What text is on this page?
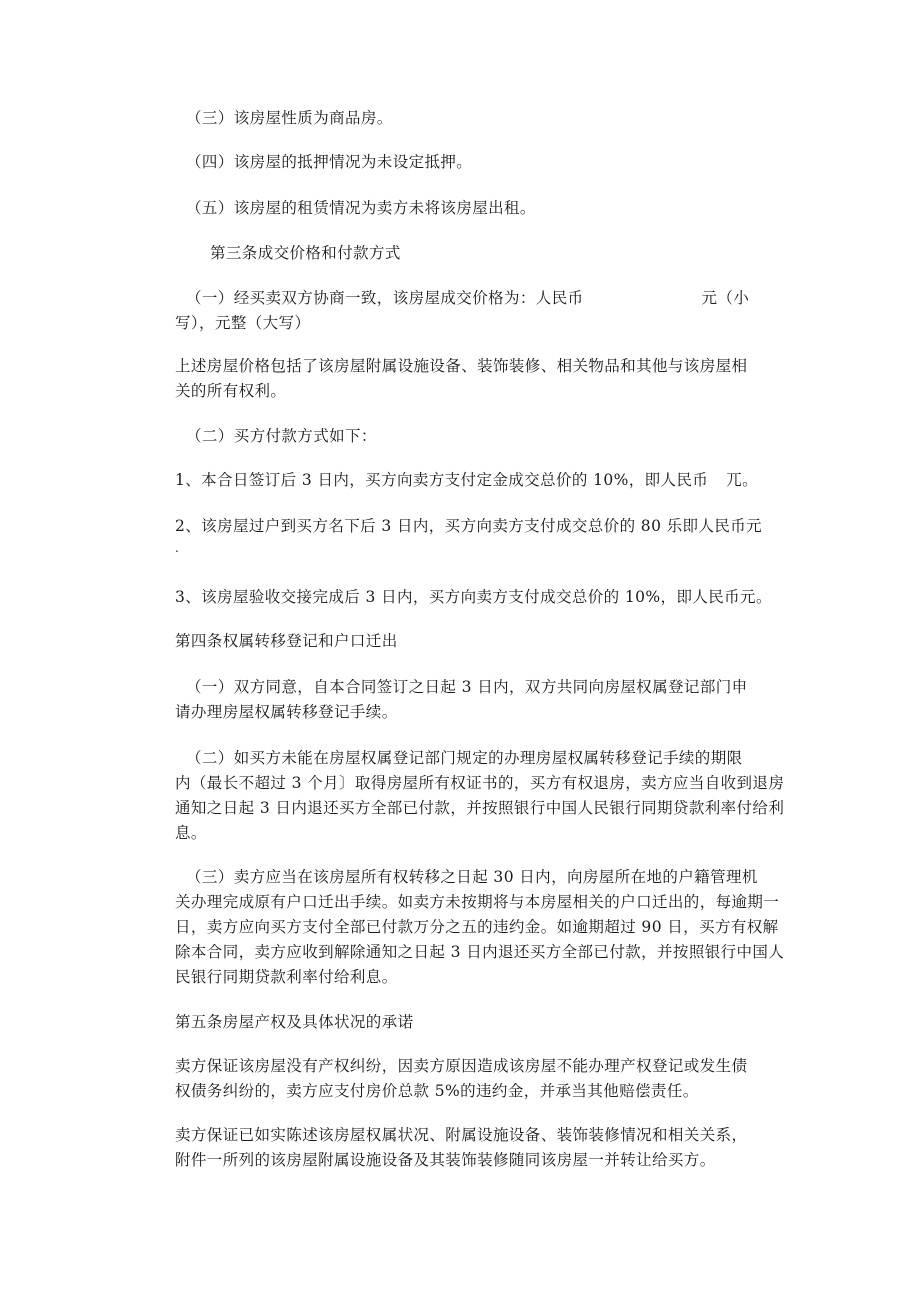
（三）该房屋性质为商品房。
（四）该房屋的抵押情况为未设定抵押。
（五）该房屋的租赁情况为卖方未将该房屋出租。
第三条成交价格和付款方式
（一）经买卖双方协商一致，该房屋成交价格为：人民币	元（小
写），元整（大写）
上述房屋价格包括了该房屋附属设施设备、装饰装修、相关物品和其他与该房屋相
关的所有权利。
（二）买方付款方式如下：
1、本合日签订后 3 日内，买方向卖方支付定金成交总价的 10%，即人民币 兀。
2、该房屋过户到买方名下后 3 日内，买方向卖方支付成交总价的 80 乐即人民币元
.
3、该房屋验收交接完成后 3 日内，买方向卖方支付成交总价的 10%，即人民币元。
第四条权属转移登记和户口迁出
（一）双方同意，自本合同签订之日起 3 日内，双方共同向房屋权属登记部门申
请办理房屋权属转移登记手续。
（二）如买方未能在房屋权属登记部门规定的办理房屋权属转移登记手续的期限
内（最长不超过 3 个月〕取得房屋所有权证书的，买方有权退房，卖方应当自收到退房
通知之日起 3 日内退还买方全部已付款，并按照银行中国人民银行同期贷款利率付给利
息。
（三）卖方应当在该房屋所有权转移之日起 30 日内，向房屋所在地的户籍管理机
关办理完成原有户口迁出手续。如卖方未按期将与本房屋相关的户口迁出的，每逾期一
日，卖方应向买方支付全部已付款万分之五的违约金。如逾期超过 90 日，买方有权解
除本合同，卖方应收到解除通知之日起 3 日内退还买方全部已付款，并按照银行中国人
民银行同期贷款利率付给利息。
第五条房屋产权及具体状况的承诺
卖方保证该房屋没有产权纠纷，因卖方原因造成该房屋不能办理产权登记或发生债
权债务纠纷的，卖方应支付房价总款 5%的违约金，并承当其他赔偿责任。
卖方保证已如实陈述该房屋权属状况、附属设施设备、装饰装修情况和相关关系，
附件一所列的该房屋附属设施设备及其装饰装修随同该房屋一并转让给买方。
